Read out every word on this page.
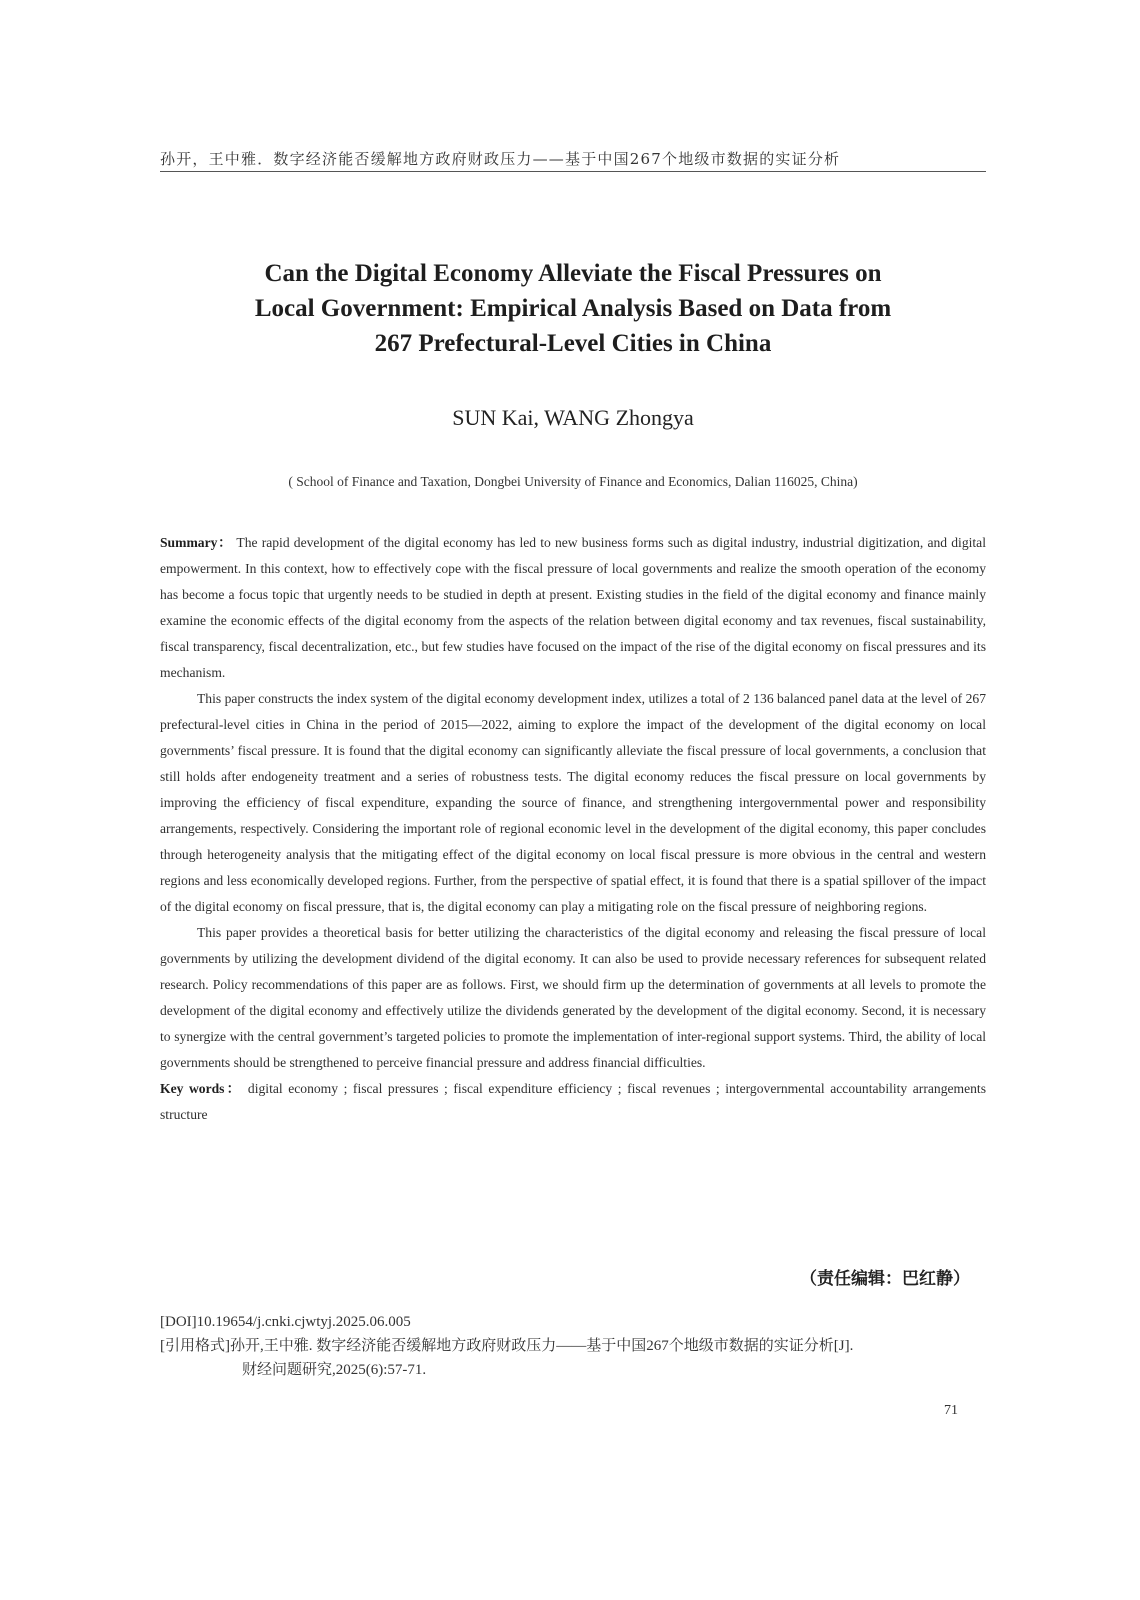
孙开，王中雅．数字经济能否缓解地方政府财政压力——基于中国267个地级市数据的实证分析
Can the Digital Economy Alleviate the Fiscal Pressures on
Local Government: Empirical Analysis Based on Data from
267 Prefectural-Level Cities in China
SUN Kai, WANG Zhongya
( School of Finance and Taxation, Dongbei University of Finance and Economics, Dalian 116025, China)

Summary： The rapid development of the digital economy has led to new business forms such as digital industry, industrial digitization, and digital empowerment. In this context, how to effectively cope with the fiscal pressure of local governments and realize the smooth operation of the economy has become a focus topic that urgently needs to be studied in depth at present. Existing studies in the field of the digital economy and finance mainly examine the economic effects of the digital economy from the aspects of the relation between digital economy and tax revenues, fiscal sustainability, fiscal transparency, fiscal decentralization, etc., but few studies have focused on the impact of the rise of the digital economy on fiscal pressures and its mechanism.

This paper constructs the index system of the digital economy development index, utilizes a total of 2 136 balanced panel data at the level of 267 prefectural-level cities in China in the period of 2015—2022, aiming to explore the impact of the development of the digital economy on local governments’ fiscal pressure. It is found that the digital economy can significantly alleviate the fiscal pressure of local governments, a conclusion that still holds after endogeneity treatment and a series of robustness tests. The digital economy reduces the fiscal pressure on local governments by improving the efficiency of fiscal expenditure, expanding the source of finance, and strengthening intergovernmental power and responsibility arrangements, respectively. Considering the important role of regional economic level in the development of the digital economy, this paper concludes through heterogeneity analysis that the mitigating effect of the digital economy on local fiscal pressure is more obvious in the central and western regions and less economically developed regions. Further, from the perspective of spatial effect, it is found that there is a spatial spillover of the impact of the digital economy on fiscal pressure, that is, the digital economy can play a mitigating role on the fiscal pressure of neighboring regions.

This paper provides a theoretical basis for better utilizing the characteristics of the digital economy and releasing the fiscal pressure of local governments by utilizing the development dividend of the digital economy. It can also be used to provide necessary references for subsequent related research. Policy recommendations of this paper are as follows. First, we should firm up the determination of governments at all levels to promote the development of the digital economy and effectively utilize the dividends generated by the development of the digital economy. Second, it is necessary to synergize with the central government’s targeted policies to promote the implementation of inter-regional support systems. Third, the ability of local governments should be strengthened to perceive financial pressure and address financial difficulties.

Key words： digital economy ; fiscal pressures ; fiscal expenditure efficiency ; fiscal revenues ; intergovernmental accountability arrangements structure

（责任编辑：巴红静）
[DOI]10.19654/j.cnki.cjwtyj.2025.06.005
[引用格式]孙开,王中雅. 数字经济能否缓解地方政府财政压力——基于中国267个地级市数据的实证分析[J].
财经问题研究,2025(6):57-71.
71
